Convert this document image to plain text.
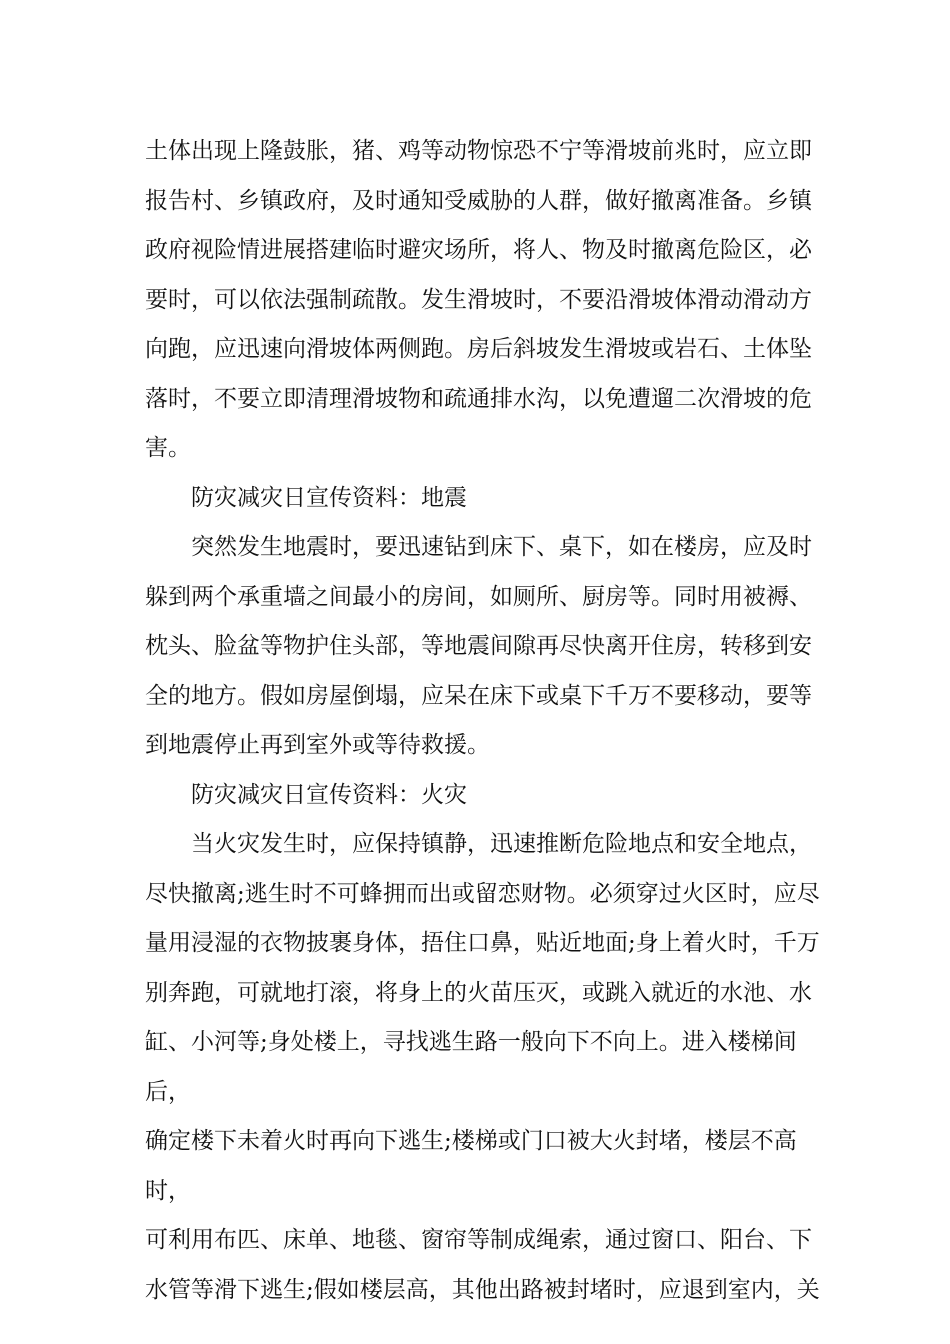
土体出现上隆鼓胀，猪、鸡等动物惊恐不宁等滑坡前兆时，应立即
报告村、乡镇政府，及时通知受威胁的人群，做好撤离准备。乡镇
政府视险情进展搭建临时避灾场所，将人、物及时撤离危险区，必
要时，可以依法强制疏散。发生滑坡时，不要沿滑坡体滑动滑动方
向跑，应迅速向滑坡体两侧跑。房后斜坡发生滑坡或岩石、土体坠
落时，不要立即清理滑坡物和疏通排水沟，以免遭遛二次滑坡的危
害。

防灾减灾日宣传资料：地震

突然发生地震时，要迅速钻到床下、桌下，如在楼房，应及时
躲到两个承重墙之间最小的房间，如厕所、厨房等。同时用被褥、
枕头、脸盆等物护住头部，等地震间隙再尽快离开住房，转移到安
全的地方。假如房屋倒塌，应呆在床下或桌下千万不要移动，要等
到地震停止再到室外或等待救援。

防灾减灾日宣传资料：火灾

当火灾发生时，应保持镇静，迅速推断危险地点和安全地点，
尽快撤离;逃生时不可蜂拥而出或留恋财物。必须穿过火区时，应尽
量用浸湿的衣物披裹身体，捂住口鼻，贴近地面;身上着火时，千万
别奔跑，可就地打滚，将身上的火苗压灭，或跳入就近的水池、水
缸、小河等;身处楼上，寻找逃生路一般向下不向上。进入楼梯间后，
确定楼下未着火时再向下逃生;楼梯或门口被大火封堵，楼层不高时，
可利用布匹、床单、地毯、窗帘等制成绳索，通过窗口、阳台、下
水管等滑下逃生;假如楼层高，其他出路被封堵时，应退到室内，关
